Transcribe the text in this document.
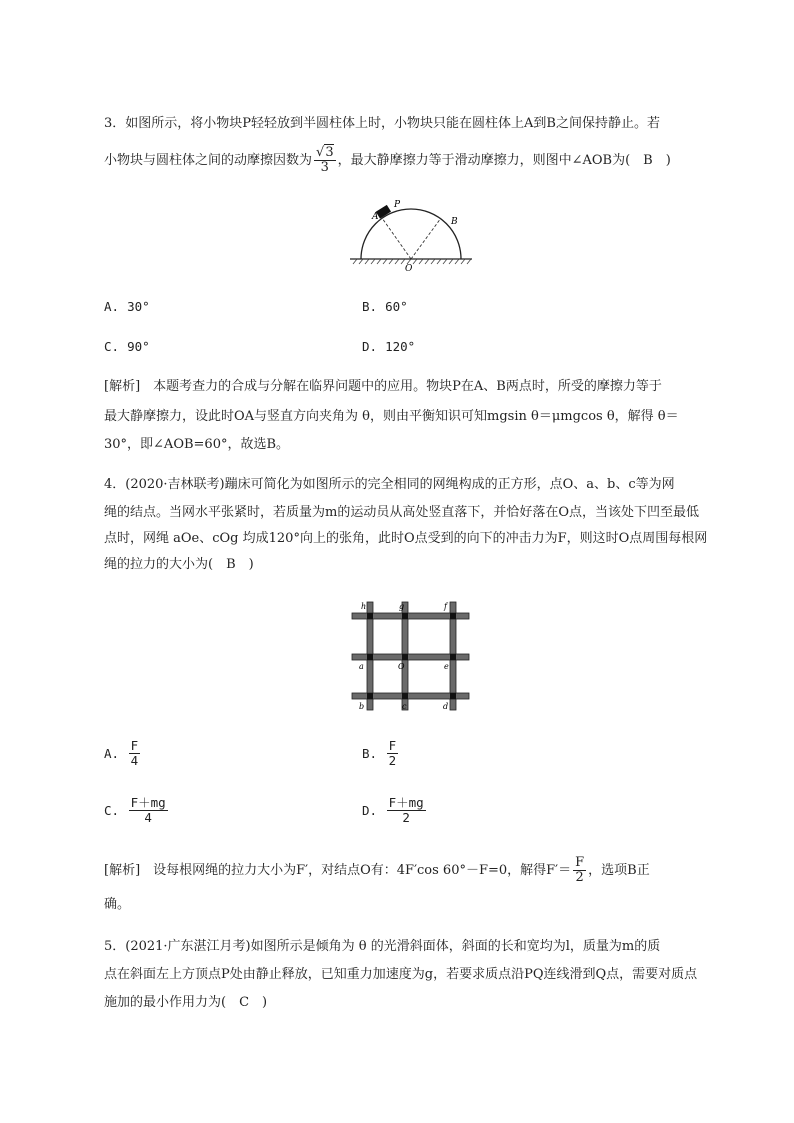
3．如图所示，将小物块P轻轻放到半圆柱体上时，小物块只能在圆柱体上A到B之间保持静止。若
小物块与圆柱体之间的动摩擦因数为 $\frac{√3}{3}$ ，最大静摩擦力等于滑动摩擦力，则图中∠AOB为(　B　)
A
P
B
O
A. 30°	B. 60°
C. 90°	D. 120°
[解析]　本题考查力的合成与分解在临界问题中的应用。物块P在A、B两点时，所受的摩擦力等于
最大静摩擦力，设此时OA与竖直方向夹角为 θ，则由平衡知识可知mgsin θ＝μmgcos θ，解得 θ＝
30°，即∠AOB=60°，故选B。
4．(2020·吉林联考)蹦床可简化为如图所示的完全相同的网绳构成的正方形，点O、a、b、c等为网
绳的结点。当网水平张紧时，若质量为m的运动员从高处竖直落下，并恰好落在O点，当该处下凹至最低
点时，网绳 aOe、cOg 均成120°向上的张角，此时O点受到的向下的冲击力为F，则这时O点周围每根网
绳的拉力的大小为(　B　)
h	g	f
a	O	e
b	c	d
A. $\frac{F}{4}$	B. $\frac{F}{2}$
C. $\frac{F+mg}{4}$	D. $\frac{F+mg}{2}$
[解析]　设每根网绳的拉力大小为F′，对结点O有：4F′cos 60°－F=0，解得$F'= \frac{F}{2}$ ，选项B正
确。
5．(2021·广东湛江月考)如图所示是倾角为 θ 的光滑斜面体，斜面的长和宽均为l，质量为m的质
点在斜面左上方顶点P处由静止释放，已知重力加速度为g，若要求质点沿PQ连线滑到Q点，需要对质点
施加的最小作用力为(　C　)
